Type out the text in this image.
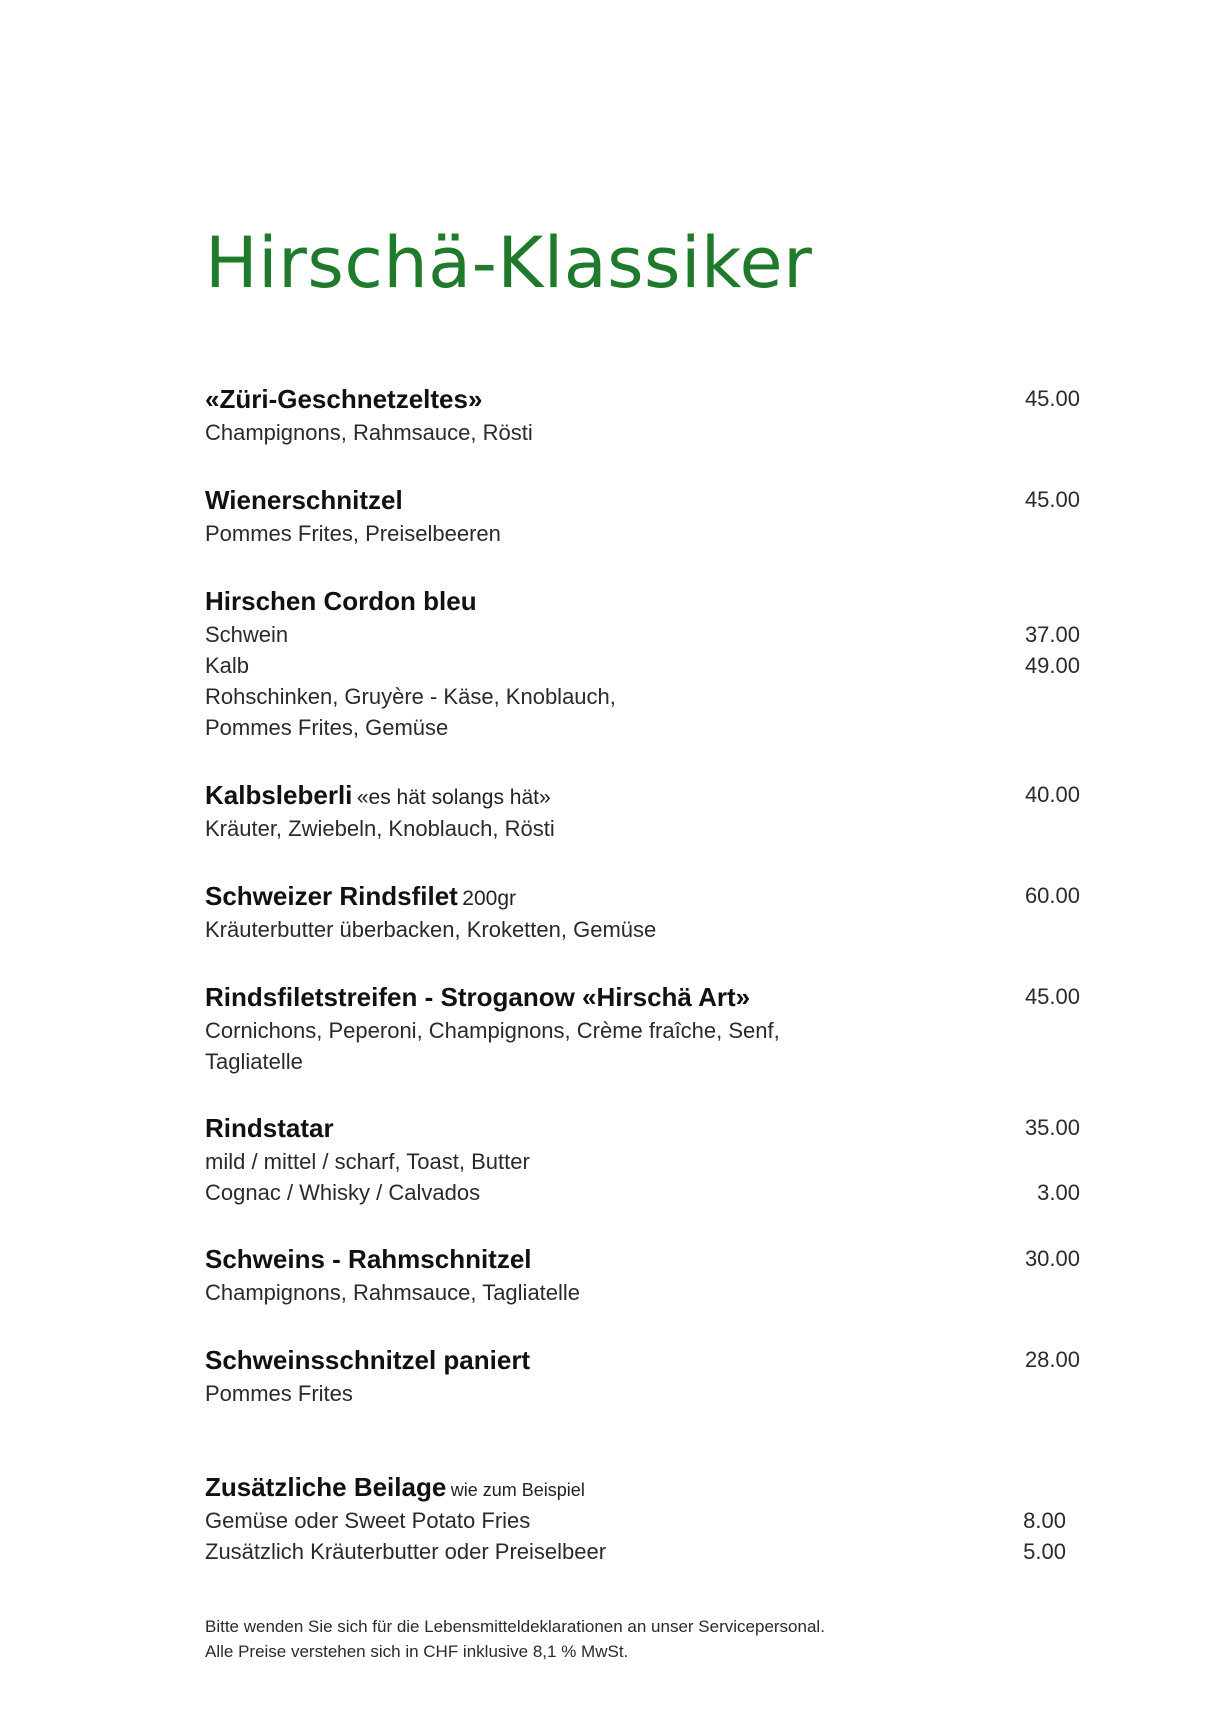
Hirschä-Klassiker
«Züri-Geschnetzeltes»	45.00
Champignons, Rahmsauce, Rösti
Wienerschnitzel	45.00
Pommes Frites, Preiselbeeren
Hirschen Cordon bleu
Schwein	37.00
Kalb	49.00
Rohschinken, Gruyère - Käse, Knoblauch,
Pommes Frites, Gemüse
Kalbsleberli «es hät solangs hät»	40.00
Kräuter, Zwiebeln, Knoblauch, Rösti
Schweizer Rindsfilet 200gr	60.00
Kräuterbutter überbacken, Kroketten, Gemüse
Rindsfiletstreifen - Stroganow «Hirschä Art»	45.00
Cornichons, Peperoni, Champignons, Crème fraîche, Senf,
Tagliatelle
Rindstatar	35.00
mild / mittel / scharf, Toast, Butter
Cognac / Whisky / Calvados	3.00
Schweins - Rahmschnitzel	30.00
Champignons, Rahmsauce, Tagliatelle
Schweinsschnitzel paniert	28.00
Pommes Frites
Zusätzliche Beilage wie zum Beispiel
Gemüse oder Sweet Potato Fries	8.00
Zusätzlich Kräuterbutter oder Preiselbeer	5.00
Bitte wenden Sie sich für die Lebensmitteldeklarationen an unser Servicepersonal.
Alle Preise verstehen sich in CHF inklusive 8,1 % MwSt.
